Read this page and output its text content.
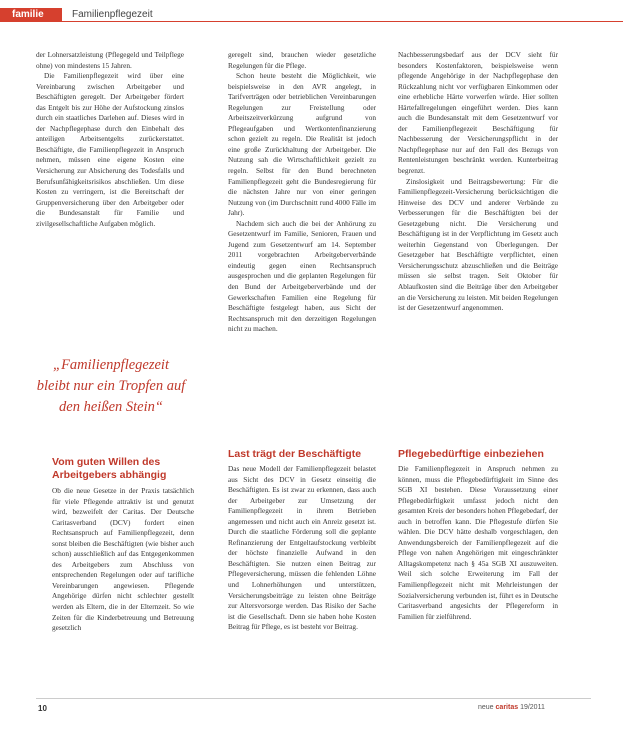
familie	Familienpflegezeit

der Lohnersatzleistung (Pflegegeld und Teilpflege ohne) von mindestens 15 Jahren.

Die Familienpflegezeit wird über eine Vereinbarung zwischen Arbeitgeber und Beschäftigten geregelt. Der Arbeitgeber fördert das Entgelt bis zur Höhe der Aufstockung zinslos durch ein staatliches Darlehen auf. Dieses wird in der Nachpflegephase durch den Einbehalt des anteiligen Arbeitsentgelts zurückerstattet. Beschäftigte, die Familienpflegezeit in Anspruch nehmen, müssen eine eigene Kosten eine Versicherung zur Absicherung des Todesfalls und Berufsunfähigkeitsrisikos abschließen. Um diese Kosten zu verringern, ist die Bereitschaft der Gruppenversicherung über den Arbeitgeber oder die Bundesanstalt für Familie und zivilgesellschaftliche Aufgaben möglich.

„Familienpflegezeit bleibt nur ein Tropfen auf den heißen Stein“

geregelt sind, brauchen wieder gesetzliche Regelungen für die Pflege.

Schon heute besteht die Möglichkeit, wie beispielsweise in den AVR angelegt, in Tarifverträgen oder betrieblichen Vereinbarungen Regelungen zur Freistellung oder Arbeitszeitverkürzung aufgrund von Pflegeaufgaben und Wertkontenfinanzierung schon gezielt zu regeln. Die Realität ist jedoch eine große Zurückhaltung der Arbeitgeber. Die Nutzung sah die Wirtschaftlichkeit gezielt zu regeln. Selbst für den Bund berechneten Familienpflegezeit geht die Bundesregierung für die nächsten Jahre nur von einer geringen Nutzung von (im Durchschnitt rund 4000 Fälle im Jahr).

Nachdem sich auch die bei der Anhörung zu Gesetzentwurf im Familie, Senioren, Frauen und Jugend zum Gesetzentwurf am 14. September 2011 vorgebrachten Arbeitgeberverbände eindeutig gegen einen Rechtsanspruch ausgesprochen und die geplanten Regelungen für den Bund der Arbeitgeberverbände und der Gewerkschaften Familien eine Regelung für Beschäftigte festgelegt haben, aus Sicht der Rechtsanspruch mit den derzeitigen Regelungen nicht zu machen.

Nachbesserungsbedarf aus der DCV sieht für besonders Kostenfaktoren, beispielsweise wenn pflegende Angehörige in der Nachpflegephase den Rückzahlung nicht vor verfügbaren Einkommen oder eine erhebliche Härte vorwerfen würde. Hier sollten Härtefallregelungen eingeführt werden. Dies kann auch die Bundesanstalt mit dem Gesetzentwurf vor der Familienpflegezeit Beschäftigung für Nachbesserung der Versicherungspflicht in der Nachpflegephase nur auf den Fall des Bezugs von Rentenleistungen beschränkt werden. Kunterbeitrag begrenzt.

Zinslosigkeit und Beitragsbewertung: Für die Familienpflegezeit-Versicherung berücksichtigen die Hinweise des DCV und anderer Verbände zu Verbesserungen für die Beschäftigten bei der Gesetzgebung nicht. Die Versicherung und Beschäftigung ist in der Verpflichtung im Gesetz auch weiterhin Gegenstand von Überlegungen. Der Gesetzgeber hat Beschäftigte verpflichtet, einen Versicherungsschutz abzuschließen und die Beiträge müssen sie selbst tragen. Seit Oktober für Ablaufkosten sind die Beiträge über den Arbeitgeber an die Versicherung zu leisten. Mit beiden Regelungen ist der Gesetzentwurf angenommen.

Vom guten Willen des Arbeitgebers abhängig

Ob die neue Gesetze in der Praxis tatsächlich für viele Pflegende attraktiv ist und genutzt wird, bezweifelt der Caritas. Der Deutsche Caritasverband (DCV) fordert einen Rechtsanspruch auf Familienpflegezeit, denn sonst bleiben die Beschäftigten (wie bisher auch schon) ausschließlich auf das Entgegenkommen des Arbeitgebers zum Abschluss von entsprechenden Regelungen oder auf tarifliche Vereinbarungen angewiesen. Pflegende Angehörige dürfen nicht schlechter gestellt werden als Eltern, die in der Elternzeit. So wie Zeiten für die Kinderbetreuung und Betreuung gesetzlich

Last trägt der Beschäftigte

Das neue Modell der Familienpflegezeit belastet aus Sicht des DCV in Gesetz einseitig die Beschäftigten. Es ist zwar zu erkennen, dass auch der Arbeitgeber zur Umsetzung der Familienpflegezeit in ihrem Betrieben angemessen und nicht auch ein Anreiz gesetzt ist. Durch die staatliche Förderung soll die geplante Refinanzierung der Entgeltaufstockung verbleibt der höchste finanzielle Aufwand in den Beschäftigten. Sie nutzen einen Beitrag zur Pflegeversicherung, müssen die fehlenden Löhne und Lohnerhöhungen und unterstützen, Versicherungsbeiträge zu leisten ohne Beiträge zur Altersvorsorge werden. Das Risiko der Sache ist die Gesellschaft. Denn sie haben hohe Kosten Beitrag für Pflege, es ist besteht vor Beitrag.

Pflegebedürftige einbeziehen

Die Familienpflegezeit in Anspruch nehmen zu können, muss die Pflegebedürftigkeit im Sinne des SGB XI bestehen. Diese Voraussetzung einer Pflegebedürftigkeit umfasst jedoch nicht den gesamten Kreis der besonders hohen Pflegebedarf, der auch in betroffen kann. Die Pflegestufe dürfen Sie wählen. Die DCV hätte deshalb vorgeschlagen, den Anwendungsbereich der Familienpflegezeit auf die Pflege von nahen Angehörigen mit eingeschränkter Alltagskompetenz nach § 45a SGB XI auszuweiten. Weil sich solche Erweiterung im Fall der Familienpflegezeit nicht mit Mehrleistungen der Sozialversicherung verbunden ist, führt es in Deutsche Caritasverband angesichts der Pflegereform in Familien für zielführend.

10	neue caritas 19/2011
